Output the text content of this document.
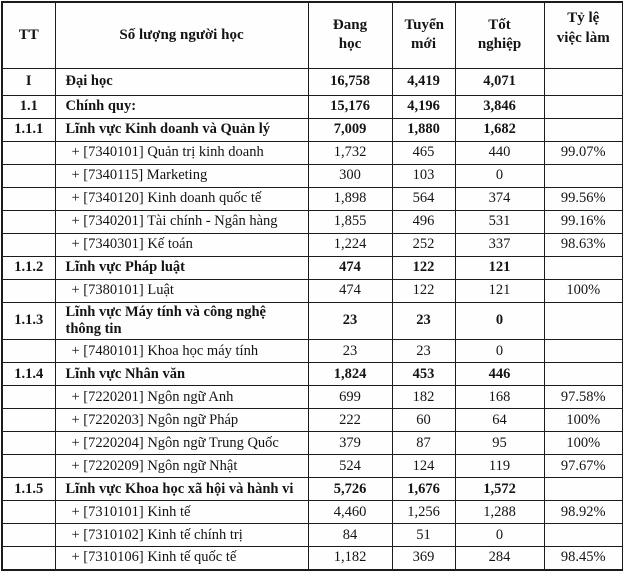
TT	Số lượng người học	Đang học	Tuyển mới	Tốt nghiệp	Tỷ lệ việc làm
I	Đại học	16,758	4,419	4,071	
1.1	Chính quy:	15,176	4,196	3,846	
1.1.1	Lĩnh vực Kinh doanh và Quản lý	7,009	1,880	1,682	
	+ [7340101] Quản trị kinh doanh	1,732	465	440	99.07%
	+ [7340115] Marketing	300	103	0	
	+ [7340120] Kinh doanh quốc tế	1,898	564	374	99.56%
	+ [7340201] Tài chính - Ngân hàng	1,855	496	531	99.16%
	+ [7340301] Kế toán	1,224	252	337	98.63%
1.1.2	Lĩnh vực Pháp luật	474	122	121	
	+ [7380101] Luật	474	122	121	100%
1.1.3	Lĩnh vực Máy tính và công nghệ thông tin	23	23	0	
	+ [7480101] Khoa học máy tính	23	23	0	
1.1.4	Lĩnh vực Nhân văn	1,824	453	446	
	+ [7220201] Ngôn ngữ Anh	699	182	168	97.58%
	+ [7220203] Ngôn ngữ Pháp	222	60	64	100%
	+ [7220204] Ngôn ngữ Trung Quốc	379	87	95	100%
	+ [7220209] Ngôn ngữ Nhật	524	124	119	97.67%
1.1.5	Lĩnh vực Khoa học xã hội và hành vi	5,726	1,676	1,572	
	+ [7310101] Kinh tế	4,460	1,256	1,288	98.92%
	+ [7310102] Kinh tế chính trị	84	51	0	
	+ [7310106] Kinh tế quốc tế	1,182	369	284	98.45%
